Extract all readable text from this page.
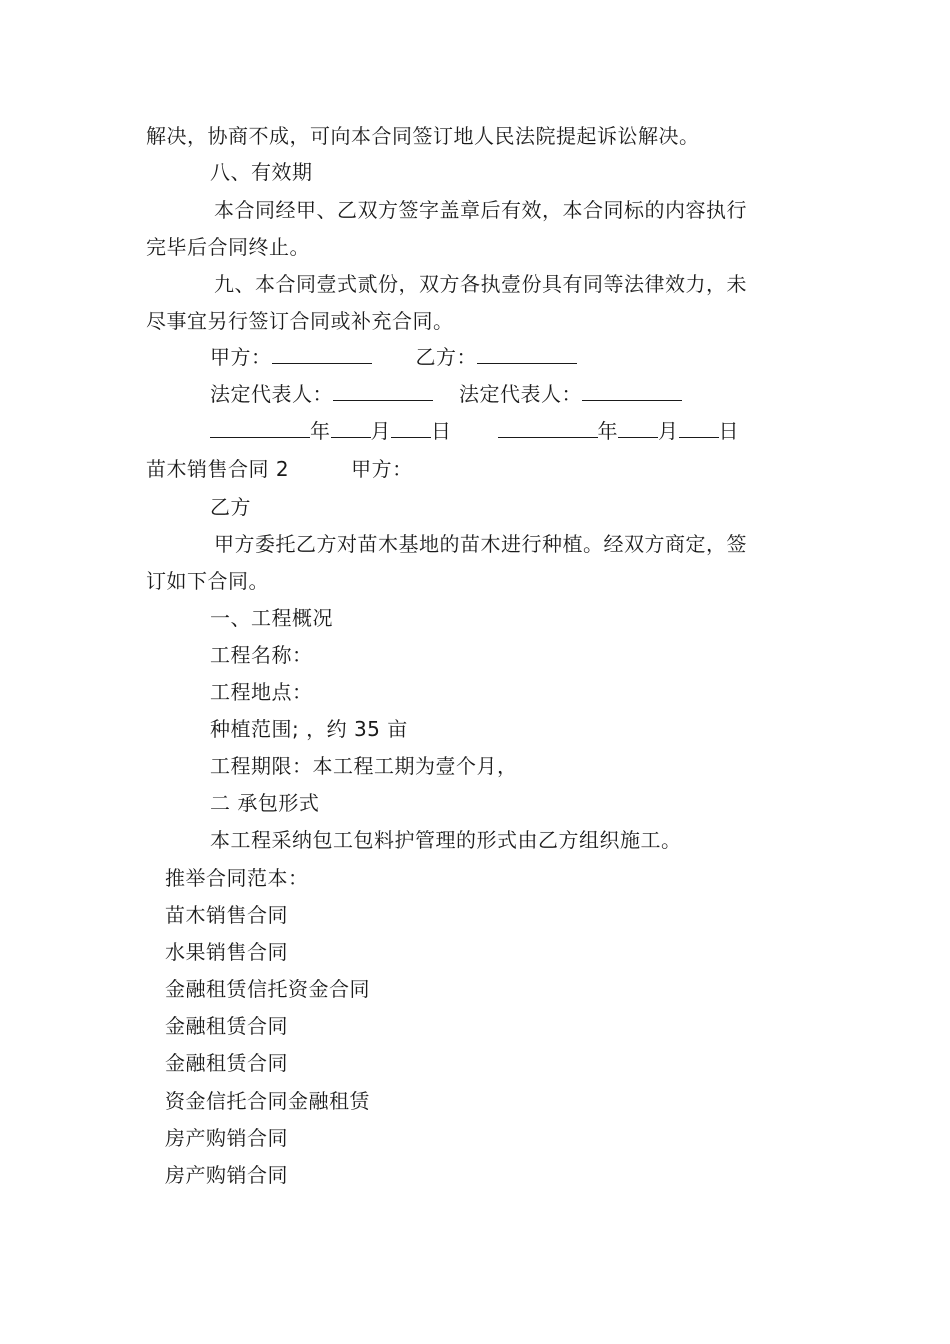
解决，协商不成，可向本合同签订地人民法院提起诉讼解决。
八、有效期
本合同经甲、乙双方签字盖章后有效，本合同标的内容执行
完毕后合同终止。
九、本合同壹式贰份，双方各执壹份具有同等法律效力，未
尽事宜另行签订合同或补充合同。
甲方：	乙方：
法定代表人：	法定代表人：
年 月 日	年 月 日
苗木销售合同 2	甲方：
乙方
甲方委托乙方对苗木基地的苗木进行种植。经双方商定，签
订如下合同。
一、工程概况
工程名称：
工程地点：
种植范围; ，约 35 亩
工程期限：本工程工期为壹个月，
二 承包形式
本工程采纳包工包料护管理的形式由乙方组织施工。
推举合同范本：
苗木销售合同
水果销售合同
金融租赁信托资金合同
金融租赁合同
金融租赁合同
资金信托合同金融租赁
房产购销合同
房产购销合同
